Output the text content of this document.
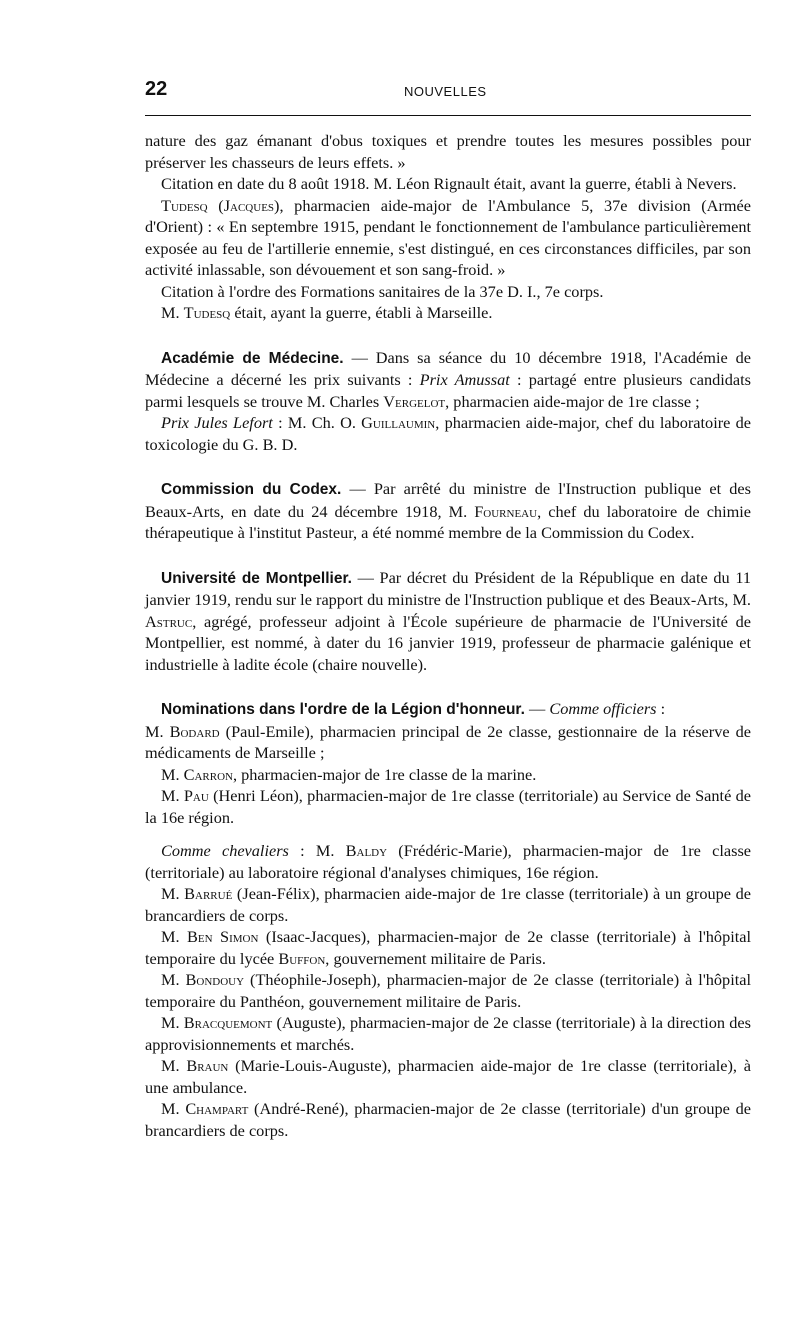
22	NOUVELLES

nature des gaz émanant d'obus toxiques et prendre toutes les mesures possibles pour préserver les chasseurs de leurs effets. »

Citation en date du 8 août 1918. M. Léon Rignault était, avant la guerre, établi à Nevers.

Tudesq (Jacques), pharmacien aide-major de l'Ambulance 5, 37e division (Armée d'Orient) : « En septembre 1915, pendant le fonctionnement de l'ambulance particulièrement exposée au feu de l'artillerie ennemie, s'est distingué, en ces circonstances difficiles, par son activité inlassable, son dévouement et son sang-froid. »

Citation à l'ordre des Formations sanitaires de la 37e D. I., 7e corps.

M. Tudesq était, ayant la guerre, établi à Marseille.

Académie de Médecine. — Dans sa séance du 10 décembre 1918, l'Académie de Médecine a décerné les prix suivants : Prix Amussat : partagé entre plusieurs candidats parmi lesquels se trouve M. Charles Vergelot, pharmacien aide-major de 1re classe ;

Prix Jules Lefort : M. Ch. O. Guillaumin, pharmacien aide-major, chef du laboratoire de toxicologie du G. B. D.

Commission du Codex. — Par arrêté du ministre de l'Instruction publique et des Beaux-Arts, en date du 24 décembre 1918, M. Fourneau, chef du laboratoire de chimie thérapeutique à l'institut Pasteur, a été nommé membre de la Commission du Codex.

Université de Montpellier. — Par décret du Président de la République en date du 11 janvier 1919, rendu sur le rapport du ministre de l'Instruction publique et des Beaux-Arts, M. Astruc, agrégé, professeur adjoint à l'École supérieure de pharmacie de l'Université de Montpellier, est nommé, à dater du 16 janvier 1919, professeur de pharmacie galénique et industrielle à ladite école (chaire nouvelle).

Nominations dans l'ordre de la Légion d'honneur. — Comme officiers :

M. Bodard (Paul-Emile), pharmacien principal de 2e classe, gestionnaire de la réserve de médicaments de Marseille ;

M. Carron, pharmacien-major de 1re classe de la marine.

M. Pau (Henri Léon), pharmacien-major de 1re classe (territoriale) au Service de Santé de la 16e région.

Comme chevaliers : M. Baldy (Frédéric-Marie), pharmacien-major de 1re classe (territoriale) au laboratoire régional d'analyses chimiques, 16e région.

M. Barrué (Jean-Félix), pharmacien aide-major de 1re classe (territoriale) à un groupe de brancardiers de corps.

M. Ben Simon (Isaac-Jacques), pharmacien-major de 2e classe (territoriale) à l'hôpital temporaire du lycée Buffon, gouvernement militaire de Paris.

M. Bondouy (Théophile-Joseph), pharmacien-major de 2e classe (territoriale) à l'hôpital temporaire du Panthéon, gouvernement militaire de Paris.

M. Bracquemont (Auguste), pharmacien-major de 2e classe (territoriale) à la direction des approvisionnements et marchés.

M. Braun (Marie-Louis-Auguste), pharmacien aide-major de 1re classe (territoriale), à une ambulance.

M. Champart (André-René), pharmacien-major de 2e classe (territoriale) d'un groupe de brancardiers de corps.
